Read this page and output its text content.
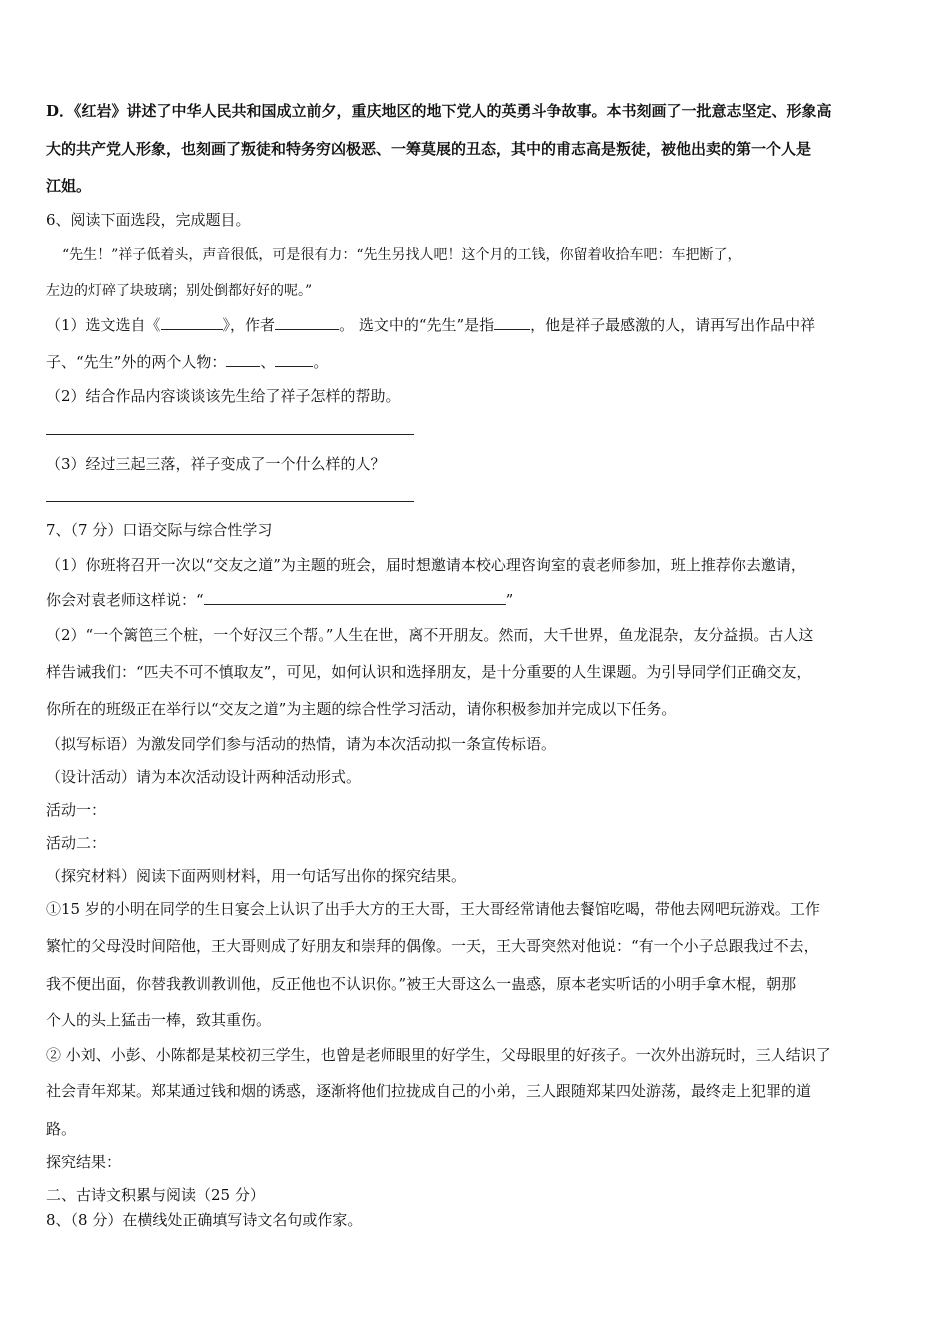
D．《红岩》讲述了中华人民共和国成立前夕，重庆地区的地下党人的英勇斗争故事。本书刻画了一批意志坚定、形象高
大的共产党人形象，也刻画了叛徒和特务穷凶极恶、一筹莫展的丑态，其中的甫志高是叛徒，被他出卖的第一个人是
江姐。
6、阅读下面选段，完成题目。
“先生！”祥子低着头，声音很低，可是很有力：“先生另找人吧！这个月的工钱，你留着收拾车吧：车把断了，
左边的灯碎了块玻璃；别处倒都好好的呢。”
（1）选文选自《	》，作者	。 选文中的“先生”是指 ，他是祥子最感激的人，请再写出作品中祥
子、“先生”外的两个人物： 、	。
（2）结合作品内容谈谈该先生给了祥子怎样的帮助。
（3）经过三起三落，祥子变成了一个什么样的人？
7、（7 分）口语交际与综合性学习
（1）你班将召开一次以“交友之道”为主题的班会，届时想邀请本校心理咨询室的袁老师参加，班上推荐你去邀请，
你会对袁老师这样说：“	”
（2）“一个篱笆三个桩，一个好汉三个帮。”人生在世，离不开朋友。然而，大千世界，鱼龙混杂，友分益损。古人这
样告诫我们：“匹夫不可不慎取友”，可见，如何认识和选择朋友，是十分重要的人生课题。为引导同学们正确交友，
你所在的班级正在举行以“交友之道”为主题的综合性学习活动，请你积极参加并完成以下任务。
（拟写标语）为激发同学们参与活动的热情，请为本次活动拟一条宣传标语。
（设计活动）请为本次活动设计两种活动形式。
活动一：
活动二：
（探究材料）阅读下面两则材料，用一句话写出你的探究结果。
①15 岁的小明在同学的生日宴会上认识了出手大方的王大哥，王大哥经常请他去餐馆吃喝，带他去网吧玩游戏。工作
繁忙的父母没时间陪他，王大哥则成了好朋友和崇拜的偶像。一天，王大哥突然对他说：“有一个小子总跟我过不去，
我不便出面，你替我教训教训他，反正他也不认识你。”被王大哥这么一蛊惑，原本老实听话的小明手拿木棍，朝那
个人的头上猛击一棒，致其重伤。
② 小刘、小彭、小陈都是某校初三学生，也曾是老师眼里的好学生，父母眼里的好孩子。一次外出游玩时，三人结识了
社会青年郑某。郑某通过钱和烟的诱惑，逐渐将他们拉拢成自己的小弟，三人跟随郑某四处游荡，最终走上犯罪的道
路。
探究结果：
二、古诗文积累与阅读（25 分）
8、（8 分）在横线处正确填写诗文名句或作家。
